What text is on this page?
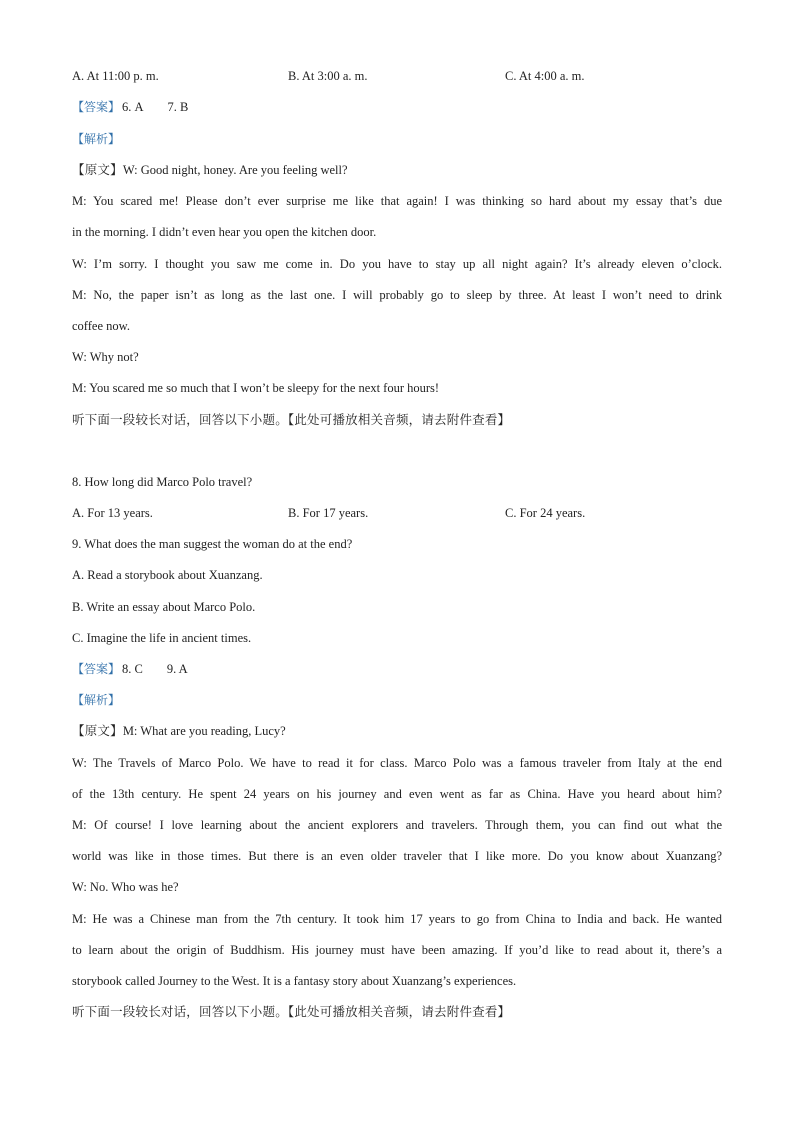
A. At 11:00 p. m.	B. At 3:00 a. m.	C. At 4:00 a. m.
【答案】 6. A 7. B
【解析】
【原文】W: Good night, honey. Are you feeling well?
M: You scared me! Please don’t ever surprise me like that again! I was thinking so hard about my essay that’s due
in the morning. I didn’t even hear you open the kitchen door.
W: I’m sorry. I thought you saw me come in. Do you have to stay up all night again? It’s already eleven o’clock.
M: No, the paper isn’t as long as the last one. I will probably go to sleep by three. At least I won’t need to drink
coffee now.
W: Why not?
M: You scared me so much that I won’t be sleepy for the next four hours!
听下面一段较长对话，回答以下小题。【此处可播放相关音频，请去附件查看】
8. How long did Marco Polo travel?
A. For 13 years.	B. For 17 years.	C. For 24 years.
9. What does the man suggest the woman do at the end?
A. Read a storybook about Xuanzang.
B. Write an essay about Marco Polo.
C. Imagine the life in ancient times.
【答案】 8. C 9. A
【解析】
【原文】M: What are you reading, Lucy?
W: The Travels of Marco Polo. We have to read it for class. Marco Polo was a famous traveler from Italy at the end
of the 13th century. He spent 24 years on his journey and even went as far as China. Have you heard about him?
M: Of course! I love learning about the ancient explorers and travelers. Through them, you can find out what the
world was like in those times. But there is an even older traveler that I like more. Do you know about Xuanzang?
W: No. Who was he?
M: He was a Chinese man from the 7th century. It took him 17 years to go from China to India and back. He wanted
to learn about the origin of Buddhism. His journey must have been amazing. If you’d like to read about it, there’s a
storybook called Journey to the West. It is a fantasy story about Xuanzang’s experiences.
听下面一段较长对话，回答以下小题。【此处可播放相关音频，请去附件查看】
